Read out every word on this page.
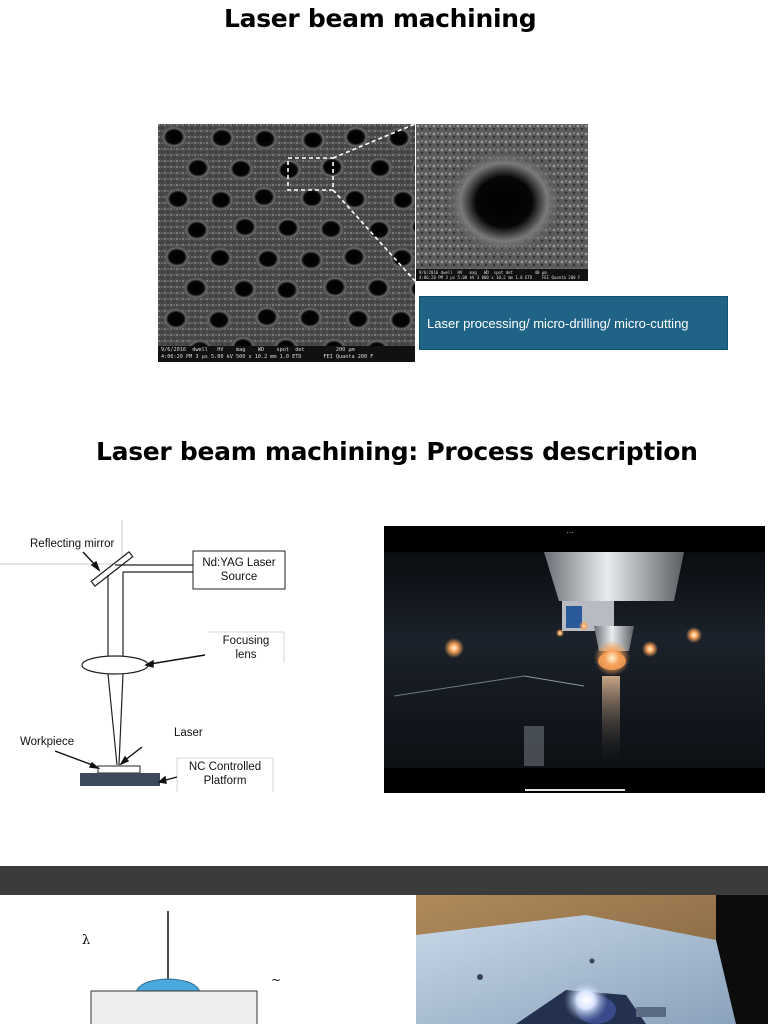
Laser beam machining
9/6/2016  dwell   HV    mag    WD    spot  det          200 μm
4:06:20 PM 3 μs 5.00 kV 500 x 10.2 mm 1.0 ETD       FEI Quanta 200 F
9/6/2016 dwell  HV   mag   WD  spot det         40 μm
4:06:20 PM 3 μs 5.00 kV 3 000 x 10.2 mm 1.0 ETD    FEI Quanta 200 F
Laser processing/ micro-drilling/ micro-cutting
Laser beam machining: Process description
Reflecting mirror
Nd:YAG Laser
Source
Focusing
lens
Laser
Workpiece
NC Controlled
Platform
…
λ
~
